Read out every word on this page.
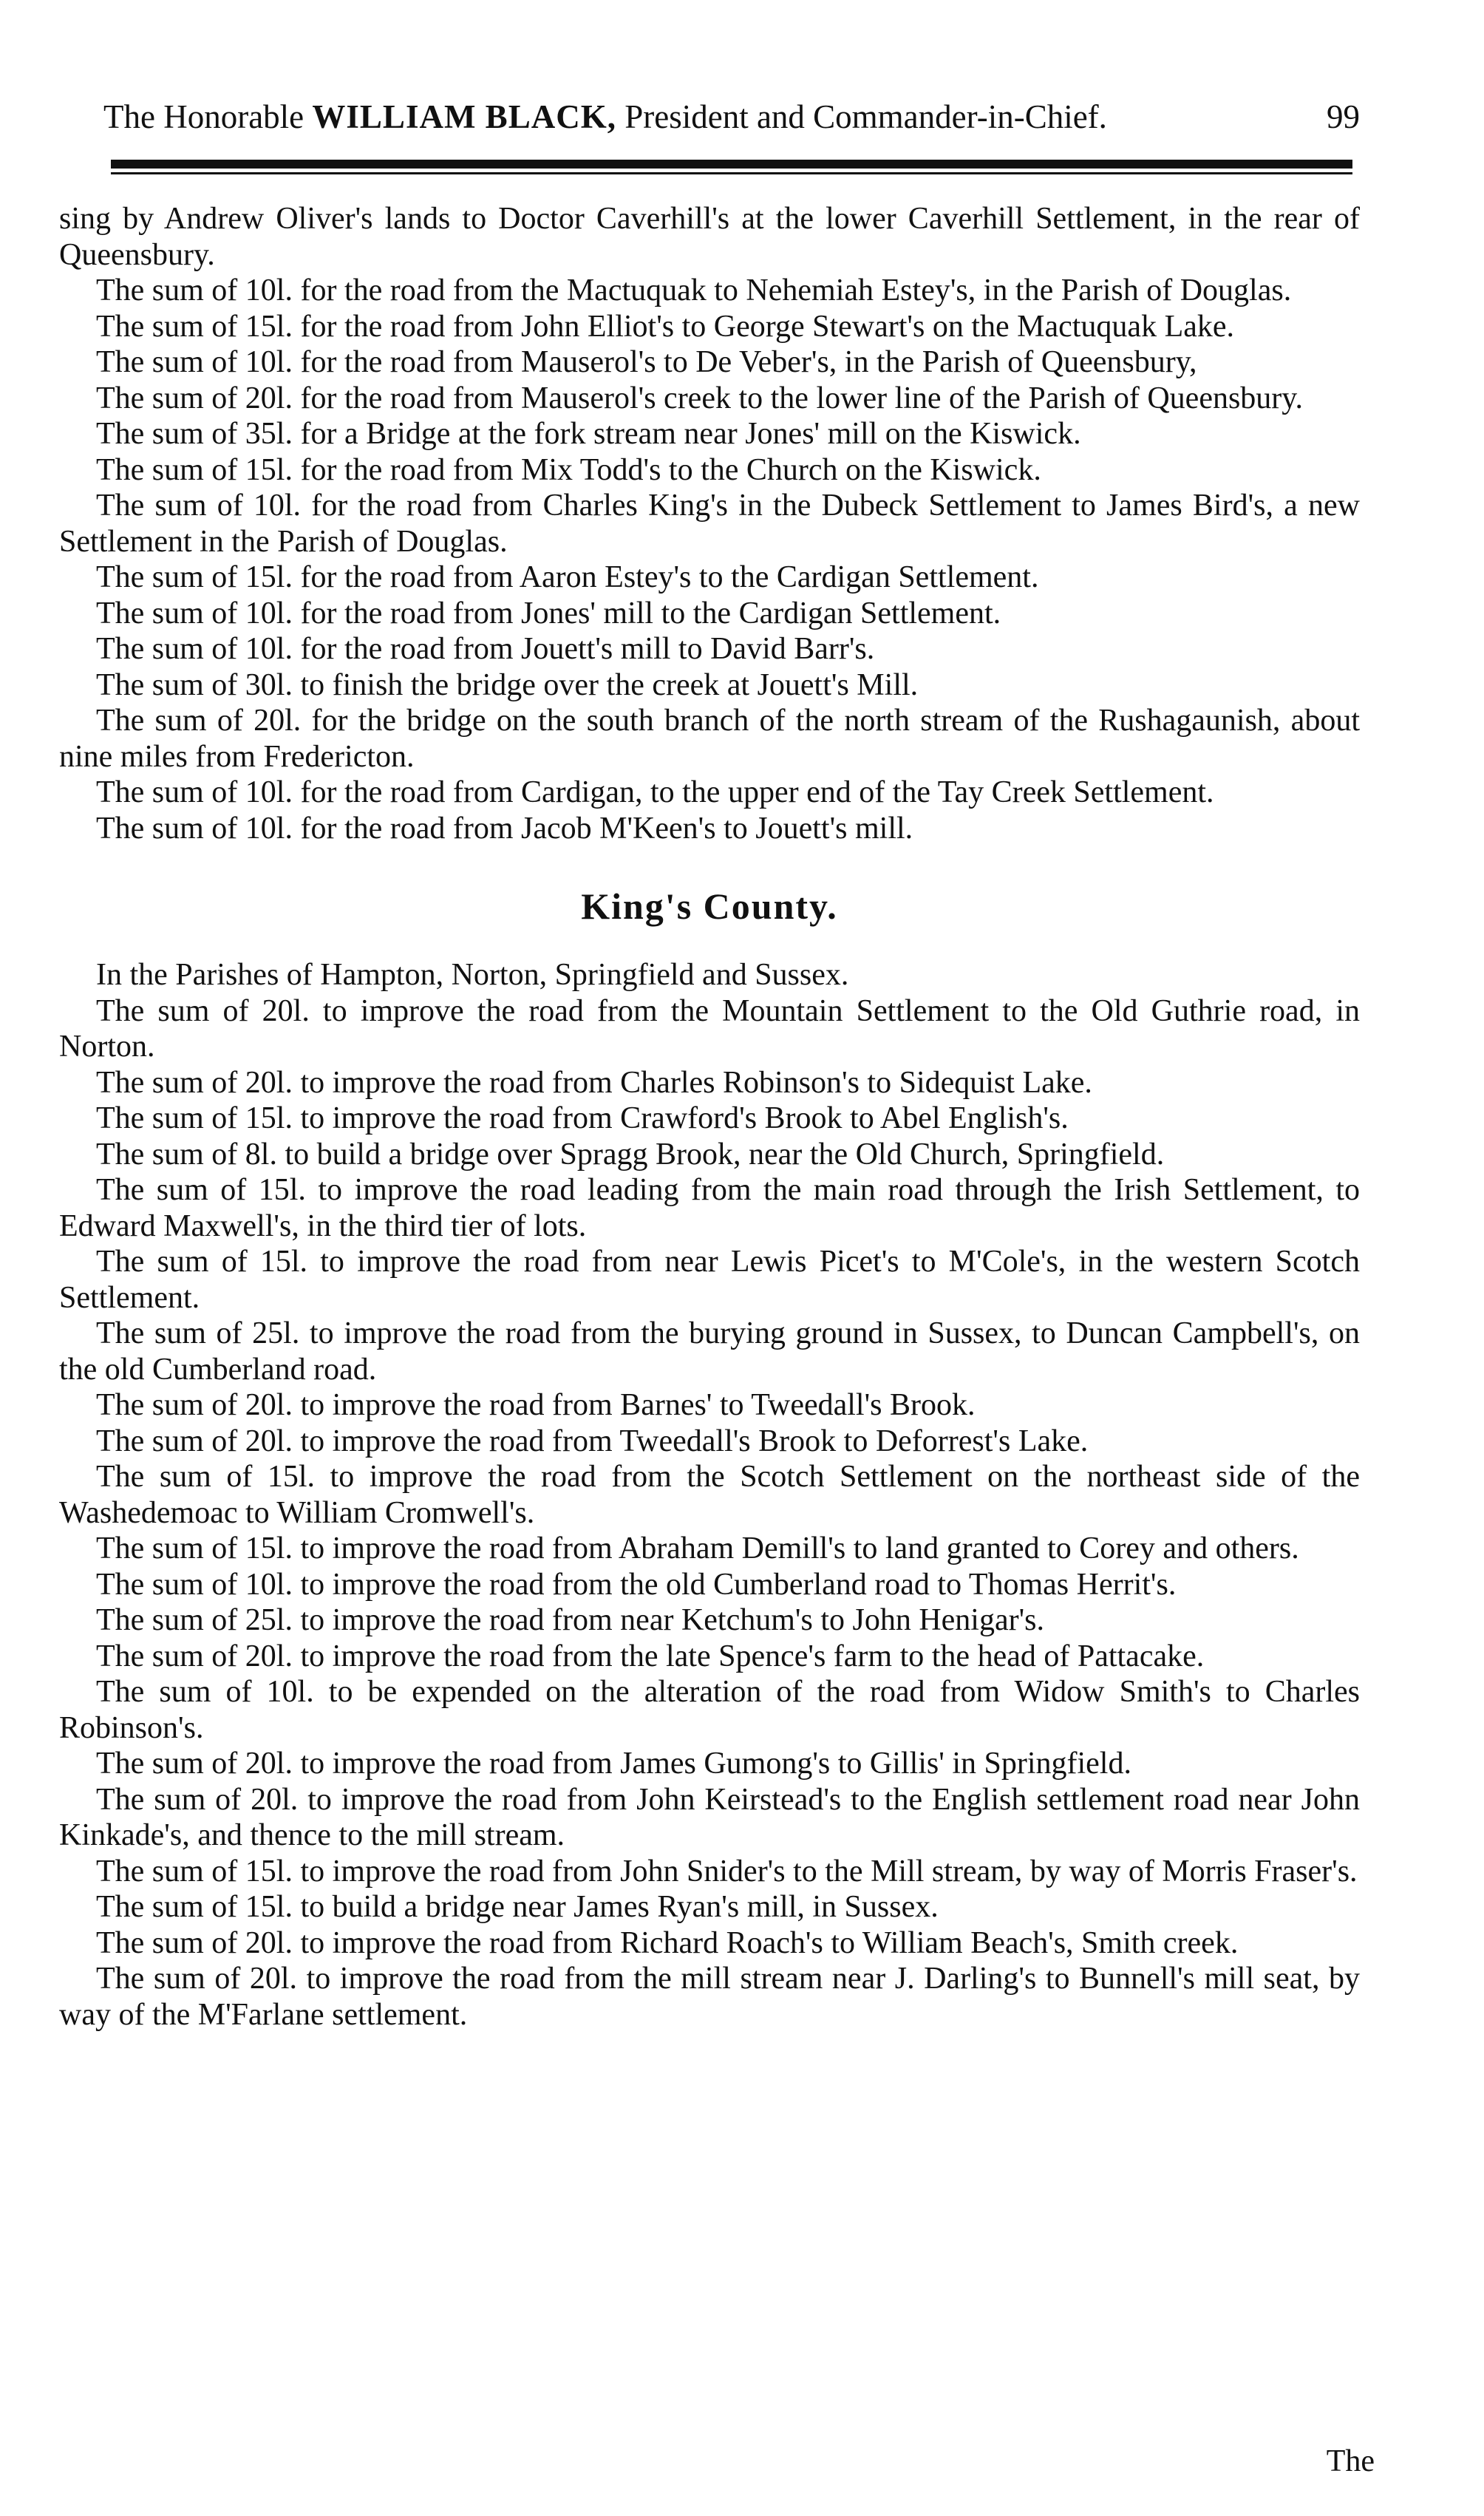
The Honorable WILLIAM BLACK, President and Commander-in-Chief.	99

sing by Andrew Oliver's lands to Doctor Caverhill's at the lower Caverhill Settlement, in the rear of Queensbury.

The sum of 10l. for the road from the Mactuquak to Nehemiah Estey's, in the Parish of Douglas.

The sum of 15l. for the road from John Elliot's to George Stewart's on the Mactuquak Lake.

The sum of 10l. for the road from Mauserol's to De Veber's, in the Parish of Queensbury,

The sum of 20l. for the road from Mauserol's creek to the lower line of the Parish of Queensbury.

The sum of 35l. for a Bridge at the fork stream near Jones' mill on the Kiswick.

The sum of 15l. for the road from Mix Todd's to the Church on the Kiswick.

The sum of 10l. for the road from Charles King's in the Dubeck Settlement to James Bird's, a new Settlement in the Parish of Douglas.

The sum of 15l. for the road from Aaron Estey's to the Cardigan Settlement.

The sum of 10l. for the road from Jones' mill to the Cardigan Settlement.

The sum of 10l. for the road from Jouett's mill to David Barr's.

The sum of 30l. to finish the bridge over the creek at Jouett's Mill.

The sum of 20l. for the bridge on the south branch of the north stream of the Rushagaunish, about nine miles from Fredericton.

The sum of 10l. for the road from Cardigan, to the upper end of the Tay Creek Settlement.

The sum of 10l. for the road from Jacob M'Keen's to Jouett's mill.

King's County.

In the Parishes of Hampton, Norton, Springfield and Sussex.

The sum of 20l. to improve the road from the Mountain Settlement to the Old Guthrie road, in Norton.

The sum of 20l. to improve the road from Charles Robinson's to Sidequist Lake.

The sum of 15l. to improve the road from Crawford's Brook to Abel English's.

The sum of 8l. to build a bridge over Spragg Brook, near the Old Church, Springfield.

The sum of 15l. to improve the road leading from the main road through the Irish Settlement, to Edward Maxwell's, in the third tier of lots.

The sum of 15l. to improve the road from near Lewis Picet's to M'Cole's, in the western Scotch Settlement.

The sum of 25l. to improve the road from the burying ground in Sussex, to Duncan Campbell's, on the old Cumberland road.

The sum of 20l. to improve the road from Barnes' to Tweedall's Brook.

The sum of 20l. to improve the road from Tweedall's Brook to Deforrest's Lake.

The sum of 15l. to improve the road from the Scotch Settlement on the northeast side of the Washedemoac to William Cromwell's.

The sum of 15l. to improve the road from Abraham Demill's to land granted to Corey and others.

The sum of 10l. to improve the road from the old Cumberland road to Thomas Herrit's.

The sum of 25l. to improve the road from near Ketchum's to John Henigar's.

The sum of 20l. to improve the road from the late Spence's farm to the head of Pattacake.

The sum of 10l. to be expended on the alteration of the road from Widow Smith's to Charles Robinson's.

The sum of 20l. to improve the road from James Gumong's to Gillis' in Springfield.

The sum of 20l. to improve the road from John Keirstead's to the English settlement road near John Kinkade's, and thence to the mill stream.

The sum of 15l. to improve the road from John Snider's to the Mill stream, by way of Morris Fraser's.

The sum of 15l. to build a bridge near James Ryan's mill, in Sussex.

The sum of 20l. to improve the road from Richard Roach's to William Beach's, Smith creek.

The sum of 20l. to improve the road from the mill stream near J. Darling's to Bunnell's mill seat, by way of the M'Farlane settlement.

The
